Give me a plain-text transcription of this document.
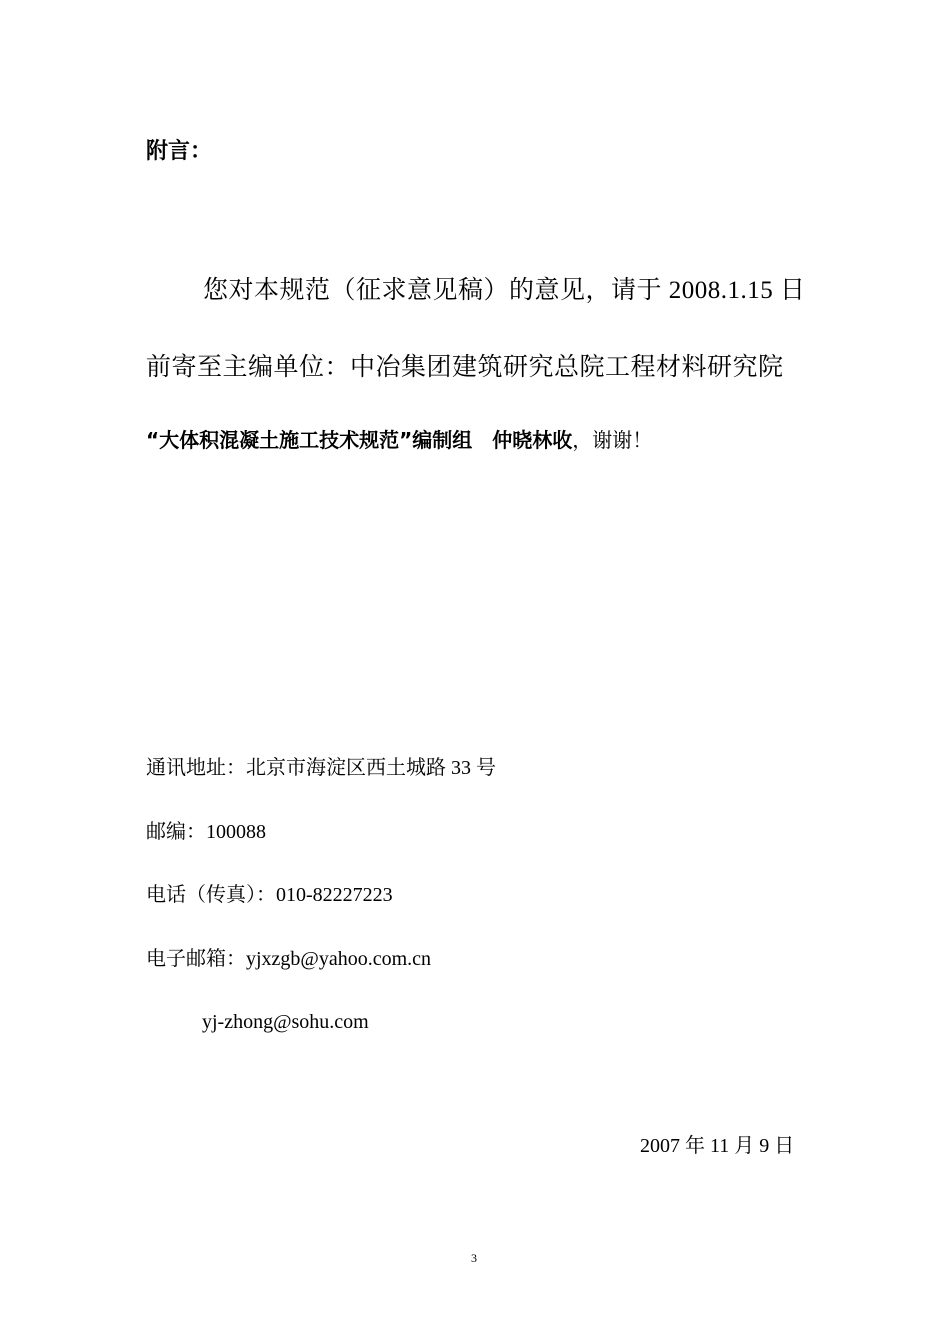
附言：
您对本规范（征求意见稿）的意见，请于 2008.1.15 日
前寄至主编单位：中冶集团建筑研究总院工程材料研究院
“大体积混凝土施工技术规范”编制组　仲晓林收，谢谢！
通讯地址：北京市海淀区西土城路 33 号
邮编：100088
电话（传真）：010-82227223
电子邮箱：yjxzgb@yahoo.com.cn
yj-zhong@sohu.com
2007 年 11 月 9 日
3
